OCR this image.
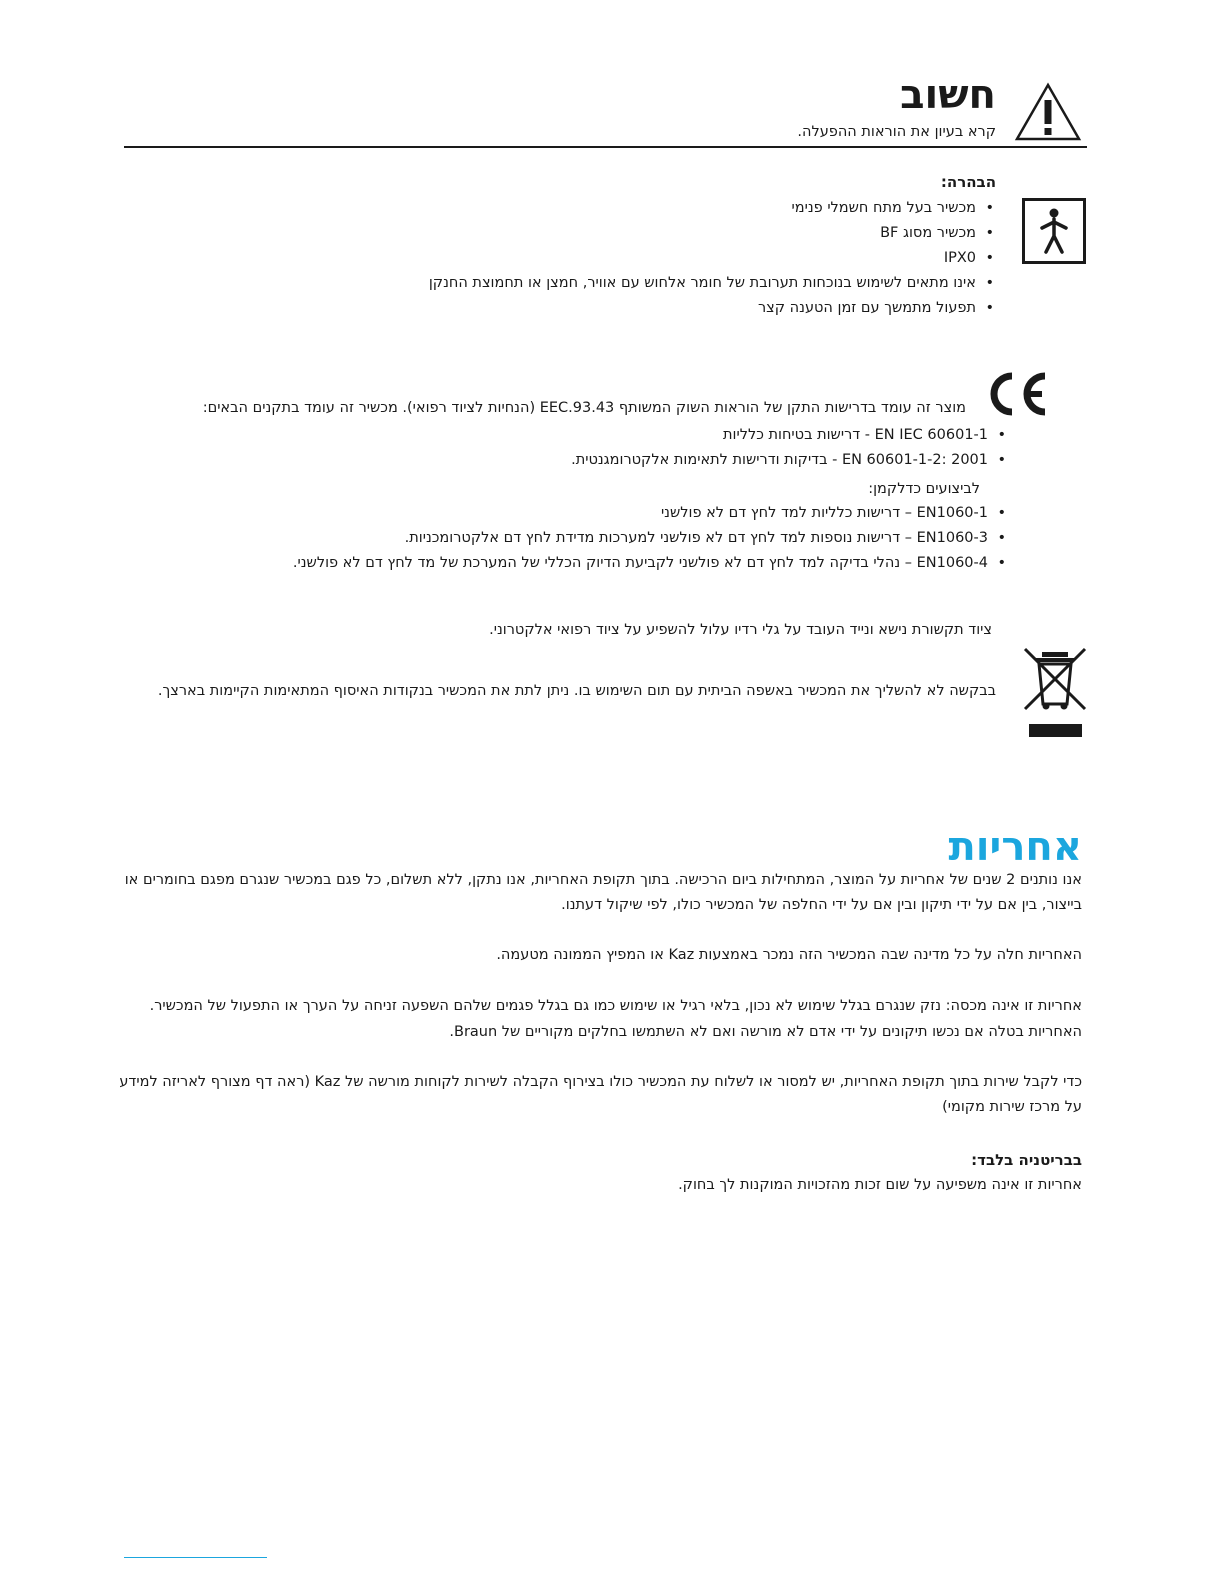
חשוב
קרא בעיון את הוראות ההפעלה.
הבהרה:
• מכשיר בעל מתח חשמלי פנימי
• מכשיר מסוג BF
• IPX0
• אינו מתאים לשימוש בנוכחות תערובת של חומר אלחוש עם אוויר, חמצן או תחמוצת החנקן
• תפעול מתמשך עם זמן הטענה קצר
מוצר זה עומד בדרישות התקן של הוראות השוק המשותף EEC.93.43 (הנחיות לציוד רפואי). מכשיר זה עומד בתקנים הבאים:
• EN IEC 60601-1 - דרישות בטיחות כלליות
• EN 60601-1-2: 2001 - בדיקות ודרישות לתאימות אלקטרומגנטית.
לביצועים כדלקמן:
• EN1060-1 – דרישות כלליות למד לחץ דם לא פולשני
• EN1060-3 – דרישות נוספות למד לחץ דם לא פולשני למערכות מדידת לחץ דם אלקטרומכניות.
• EN1060-4 – נהלי בדיקה למד לחץ דם לא פולשני לקביעת הדיוק הכללי של המערכת של מד לחץ דם לא פולשני.
ציוד תקשורת נישא ונייד העובד על גלי רדיו עלול להשפיע על ציוד רפואי אלקטרוני.
בבקשה לא להשליך את המכשיר באשפה הביתית עם תום השימוש בו. ניתן לתת את המכשיר בנקודות האיסוף המתאימות הקיימות בארצך.
אחריות
אנו נותנים 2 שנים של אחריות על המוצר, המתחילות ביום הרכישה. בתוך תקופת האחריות, אנו נתקן, ללא תשלום, כל פגם במכשיר שנגרם מפגם בחומרים או
בייצור, בין אם על ידי תיקון ובין אם על ידי החלפה של המכשיר כולו, לפי שיקול דעתנו.
האחריות חלה על כל מדינה שבה המכשיר הזה נמכר באמצעות Kaz או המפיץ הממונה מטעמה.
אחריות זו אינה מכסה: נזק שנגרם בגלל שימוש לא נכון, בלאי רגיל או שימוש כמו גם בגלל פגמים שלהם השפעה זניחה על הערך או התפעול של המכשיר.
האחריות בטלה אם נכשו תיקונים על ידי אדם לא מורשה ואם לא השתמשו בחלקים מקוריים של Braun.
כדי לקבל שירות בתוך תקופת האחריות, יש למסור או לשלוח עת המכשיר כולו בצירוף הקבלה לשירות לקוחות מורשה של Kaz (ראה דף מצורף לאריזה למידע
על מרכז שירות מקומי)
בבריטניה בלבד:
אחריות זו אינה משפיעה על שום זכות מהזכויות המוקנות לך בחוק.
